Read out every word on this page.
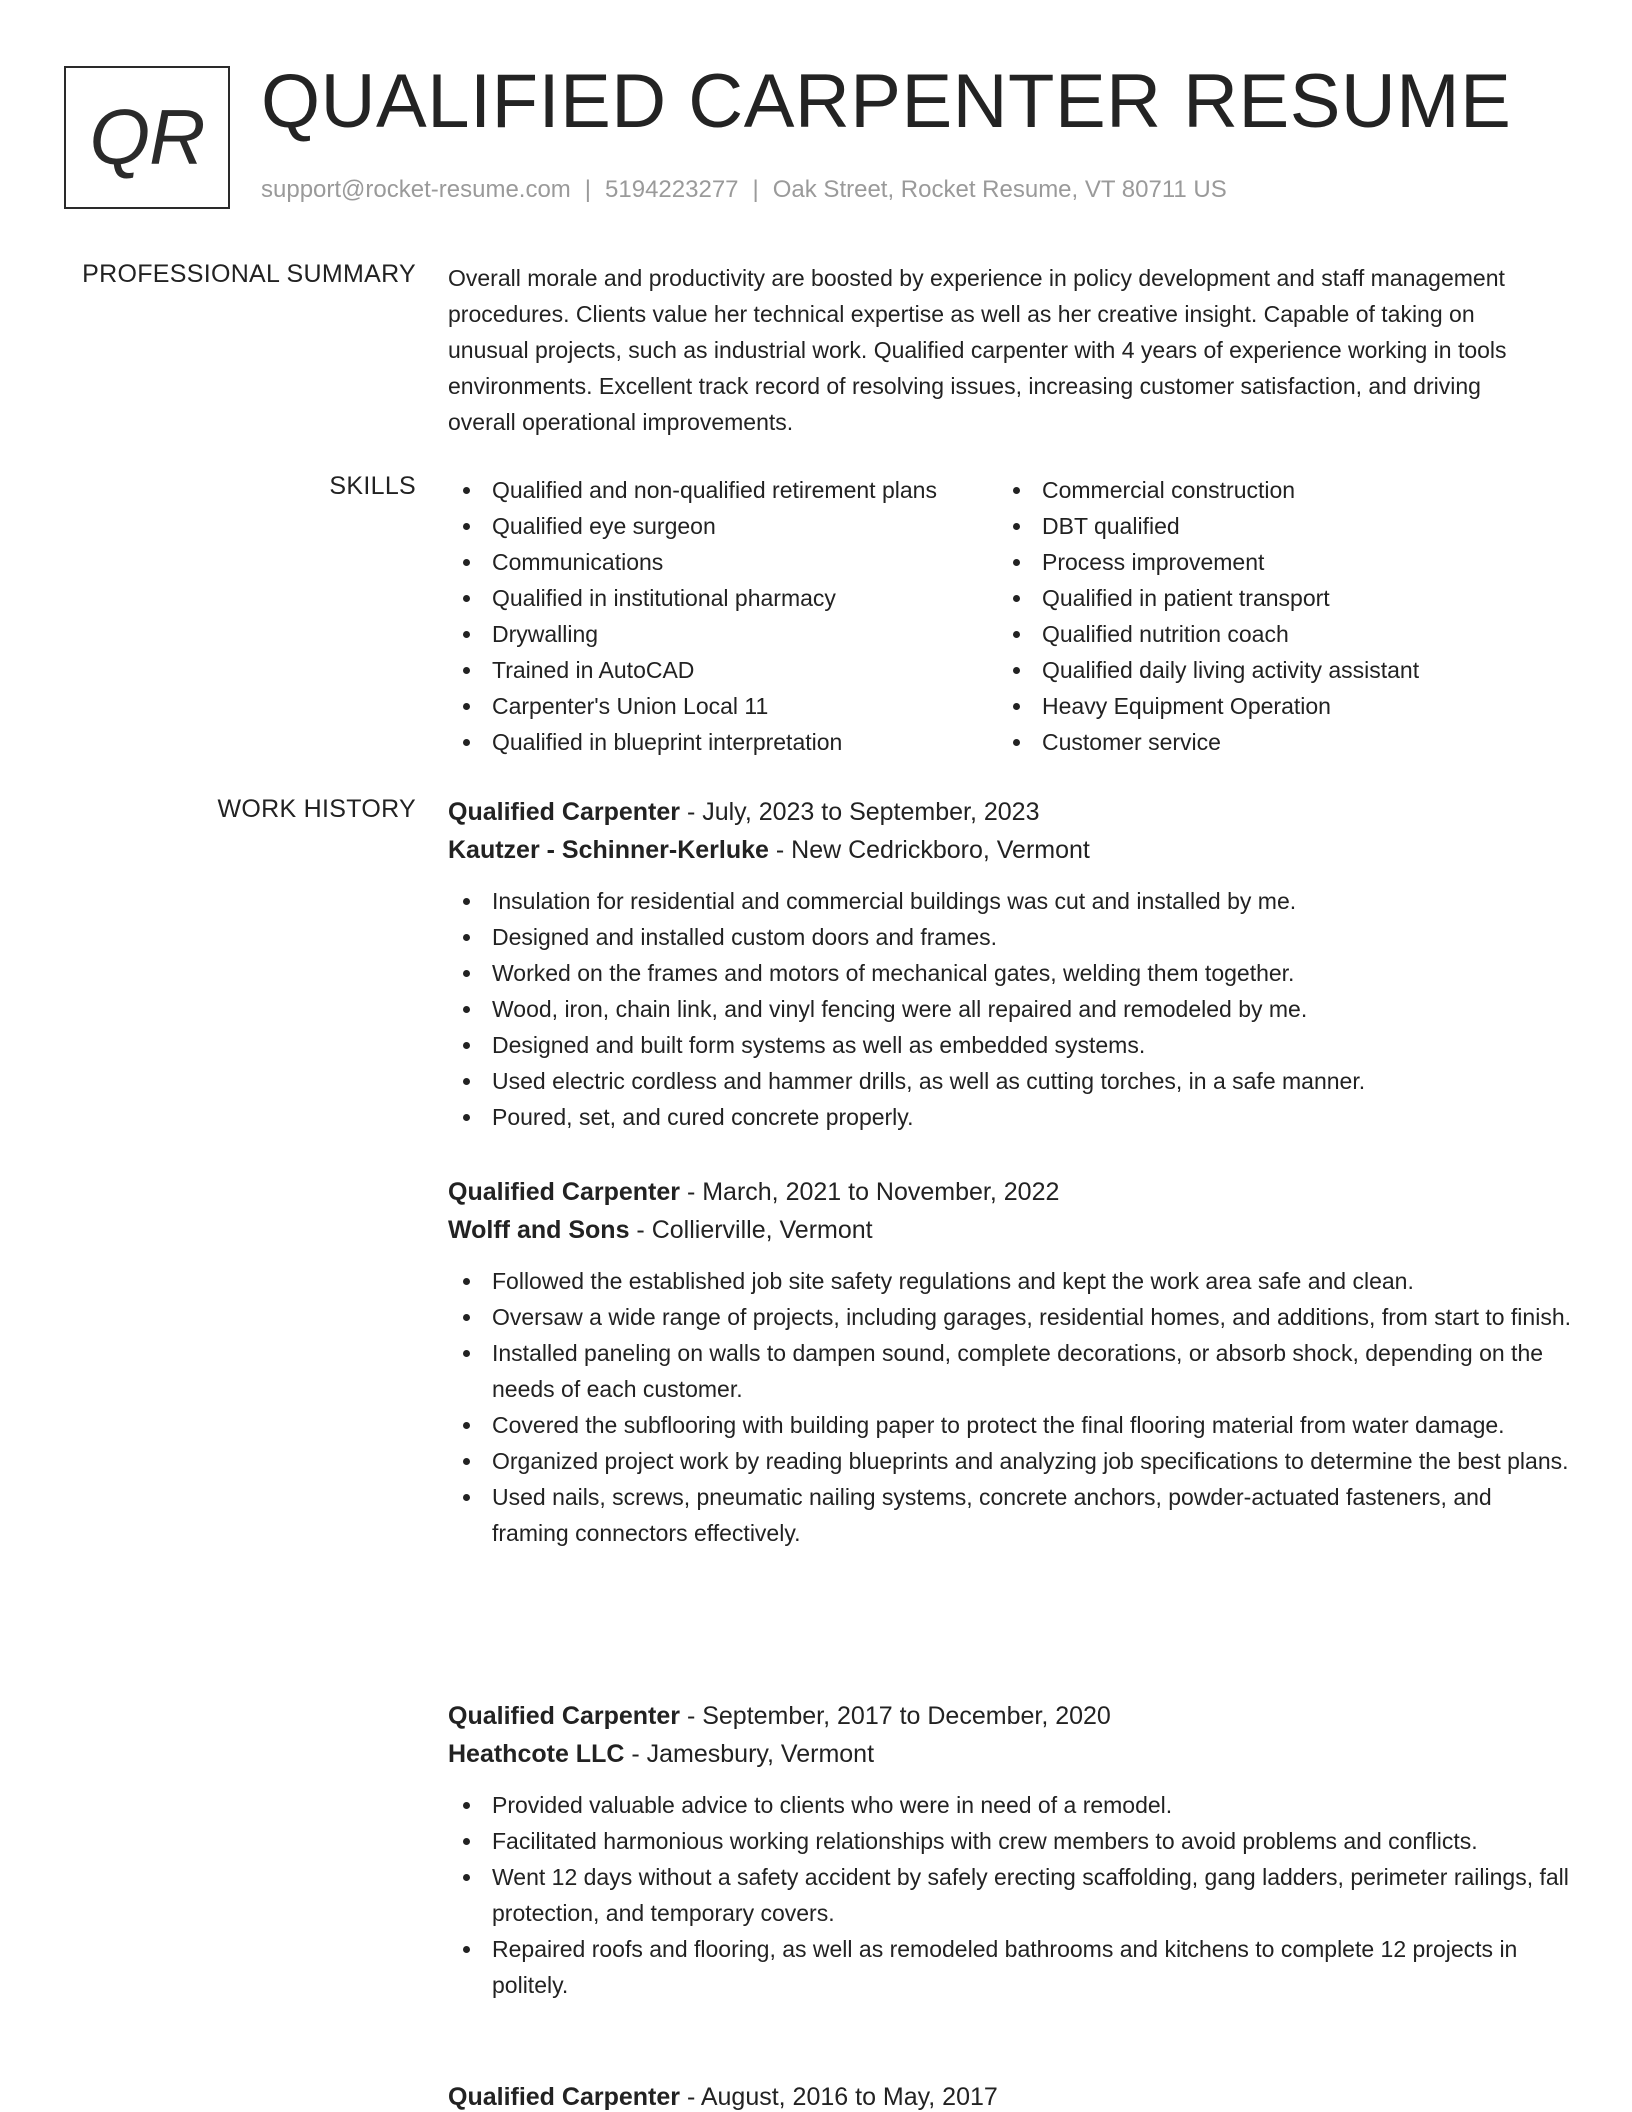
QR QUALIFIED CARPENTER RESUME
support@rocket-resume.com | 5194223277 | Oak Street, Rocket Resume, VT 80711 US
PROFESSIONAL SUMMARY Overall morale and productivity are boosted by experience in policy development and staff management procedures. Clients value her technical expertise as well as her creative insight. Capable of taking on unusual projects, such as industrial work. Qualified carpenter with 4 years of experience working in tools environments. Excellent track record of resolving issues, increasing customer satisfaction, and driving overall operational improvements.
SKILLS	Qualified and non-qualified retirement plans
Qualified eye surgeon
Communications
Qualified in institutional pharmacy
Drywalling
Trained in AutoCAD
Carpenter's Union Local 11
Qualified in blueprint interpretation
Commercial construction
DBT qualified
Process improvement
Qualified in patient transport
Qualified nutrition coach
Qualified daily living activity assistant
Heavy Equipment Operation
Customer service
WORK HISTORY Qualified Carpenter - July, 2023 to September, 2023
Kautzer - Schinner-Kerluke - New Cedrickboro, Vermont
Insulation for residential and commercial buildings was cut and installed by me.
Designed and installed custom doors and frames.
Worked on the frames and motors of mechanical gates, welding them together.
Wood, iron, chain link, and vinyl fencing were all repaired and remodeled by me.
Designed and built form systems as well as embedded systems.
Used electric cordless and hammer drills, as well as cutting torches, in a safe manner.
Poured, set, and cured concrete properly.
Qualified Carpenter - March, 2021 to November, 2022
Wolff and Sons - Collierville, Vermont
Followed the established job site safety regulations and kept the work area safe and clean.
Oversaw a wide range of projects, including garages, residential homes, and additions, from start to finish.
Installed paneling on walls to dampen sound, complete decorations, or absorb shock, depending on the needs of each customer.
Covered the subflooring with building paper to protect the final flooring material from water damage.
Organized project work by reading blueprints and analyzing job specifications to determine the best plans.
Used nails, screws, pneumatic nailing systems, concrete anchors, powder-actuated fasteners, and framing connectors effectively.
Qualified Carpenter - September, 2017 to December, 2020
Heathcote LLC - Jamesbury, Vermont
Provided valuable advice to clients who were in need of a remodel.
Facilitated harmonious working relationships with crew members to avoid problems and conflicts.
Went 12 days without a safety accident by safely erecting scaffolding, gang ladders, perimeter railings, fall protection, and temporary covers.
Repaired roofs and flooring, as well as remodeled bathrooms and kitchens to complete 12 projects in politely.
Qualified Carpenter - August, 2016 to May, 2017
